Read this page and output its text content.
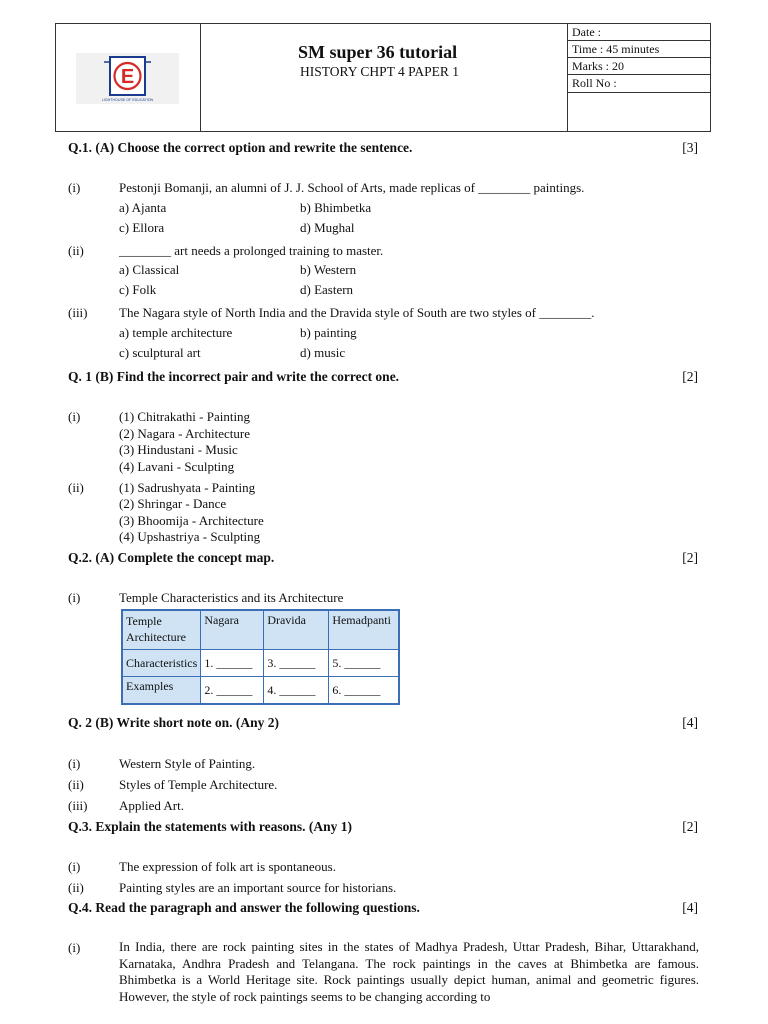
E
LIGHTHOUSE OF EDUCATION
SM super 36 tutorial
HISTORY CHPT 4 PAPER 1
Date :
Time : 45 minutes
Marks : 20
Roll No :
Q.1. (A) Choose the correct option and rewrite the sentence.	[3]
(i)	Pestonji Bomanji, an alumni of J. J. School of Arts, made replicas of ________ paintings.
a) Ajanta	b) Bhimbetka
c) Ellora	d) Mughal
(ii)	________ art needs a prolonged training to master.
a) Classical	b) Western
c) Folk	d) Eastern
(iii) The Nagara style of North India and the Dravida style of South are two styles of ________.
a) temple architecture	b) painting
c) sculptural art	d) music
Q. 1 (B) Find the incorrect pair and write the correct one.	[2]
(i)	(1) Chitrakathi - Painting
(2) Nagara - Architecture
(3) Hindustani - Music
(4) Lavani - Sculpting
(ii)	(1) Sadrushyata - Painting
(2) Shringar - Dance
(3) Bhoomija - Architecture
(4) Upshastriya - Sculpting
Q.2. (A) Complete the concept map.	[2]
(i)	Temple Characteristics and its Architecture
Temple Architecture	Nagara	Dravida	Hemadpanti
Characteristics	1. ______	3. ______	5. ______
Examples	2. ______	4. ______	6. ______
Q. 2 (B) Write short note on. (Any 2)	[4]
(i)	Western Style of Painting.
(ii)	Styles of Temple Architecture.
(iii) Applied Art.
Q.3. Explain the statements with reasons. (Any 1)	[2]
(i)	The expression of folk art is spontaneous.
(ii)	Painting styles are an important source for historians.
Q.4. Read the paragraph and answer the following questions.	[4]
(i)	In India, there are rock painting sites in the states of Madhya Pradesh, Uttar Pradesh, Bihar, Uttarakhand, Karnataka, Andhra Pradesh and Telangana. The rock paintings in the caves at Bhimbetka are famous. Bhimbetka is a World Heritage site. Rock paintings usually depict human, animal and geometric figures. However, the style of rock paintings seems to be changing according to
